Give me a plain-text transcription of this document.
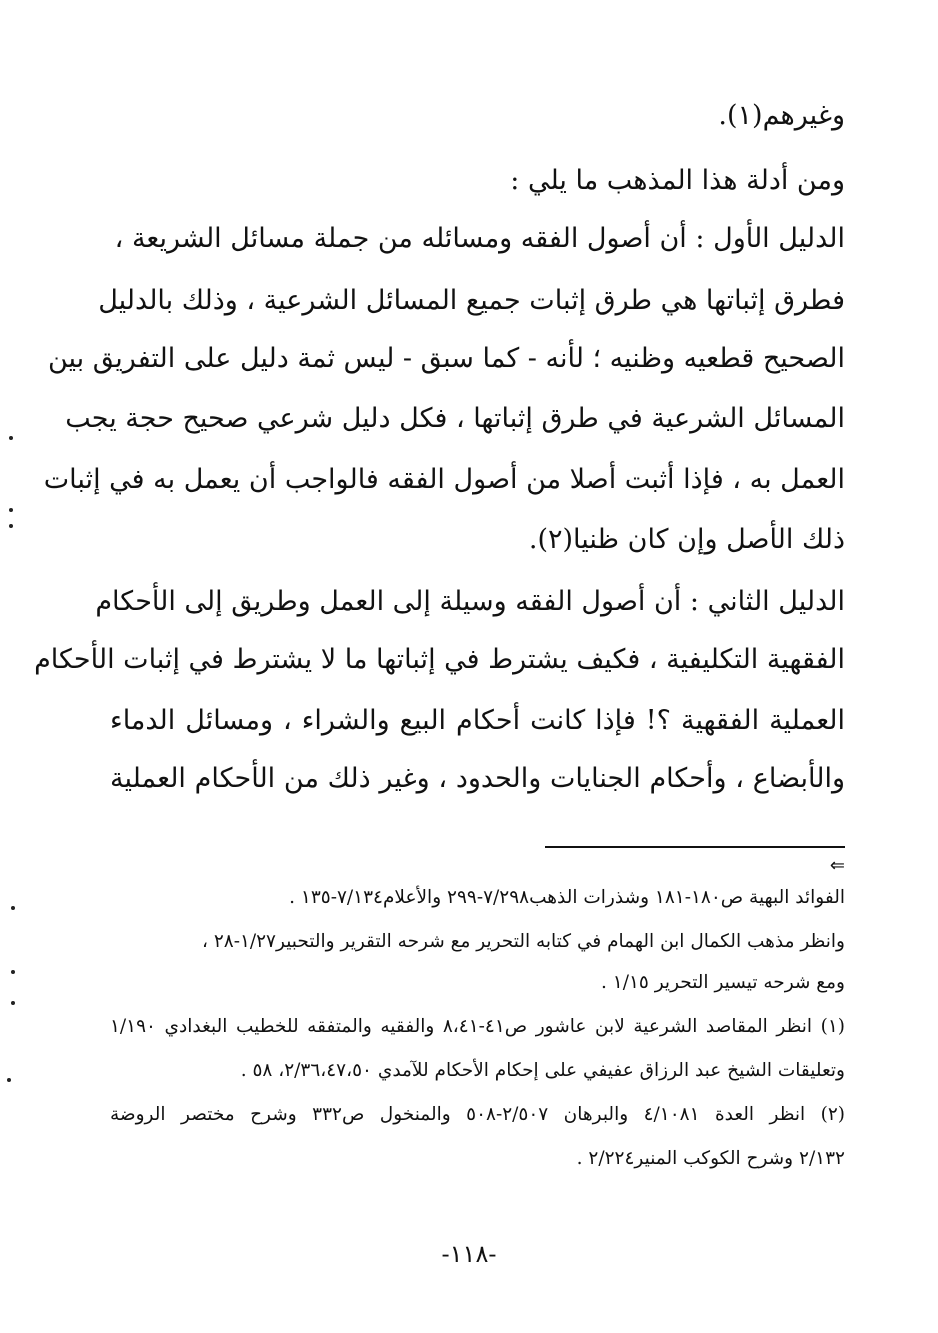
وغيرهم(١).
ومن أدلة هذا المذهب ما يلي :
الدليل الأول : أن أصول الفقه ومسائله من جملة مسائل الشريعة ،
فطرق إثباتها هي طرق إثبات جميع المسائل الشرعية ، وذلك بالدليل
الصحيح قطعيه وظنيه ؛ لأنه - كما سبق - ليس ثمة دليل على التفريق بين
المسائل الشرعية في طرق إثباتها ، فكل دليل شرعي صحيح حجة يجب
العمل به ، فإذا أثبت أصلا من أصول الفقه فالواجب أن يعمل به في إثبات
ذلك الأصل وإن كان ظنيا(٢).
الدليل الثاني : أن أصول الفقه وسيلة إلى العمل وطريق إلى الأحكام
الفقهية التكليفية ، فكيف يشترط في إثباتها ما لا يشترط في إثبات الأحكام
العملية الفقهية ؟! فإذا كانت أحكام البيع والشراء ، ومسائل الدماء
والأبضاع ، وأحكام الجنايات والحدود ، وغير ذلك من الأحكام العملية
⇐
الفوائد البهية ص١٨٠-١٨١ وشذرات الذهب٧/٢٩٨-٢٩٩ والأعلام٧/١٣٤-١٣٥ .
وانظر مذهب الكمال ابن الهمام في كتابه التحرير مع شرحه التقرير والتحبير١/٢٧-٢٨ ،
ومع شرحه تيسير التحرير ١/١٥ .
(١) انظر المقاصد الشرعية لابن عاشور ص٤١-٨،٤١ والفقيه والمتفقه للخطيب البغدادي ١/١٩٠
وتعليقات الشيخ عبد الرزاق عفيفي على إحكام الأحكام للآمدي ٢/٣٦،٤٧،٥٠، ٥٨ .
(٢) انظر العدة ٤/١٠٨١ والبرهان ٢/٥٠٧-٥٠٨ والمنخول ص٣٣٢ وشرح مختصر الروضة
٢/١٣٢ وشرح الكوكب المنير٢/٢٢٤ .
-١١٨-
